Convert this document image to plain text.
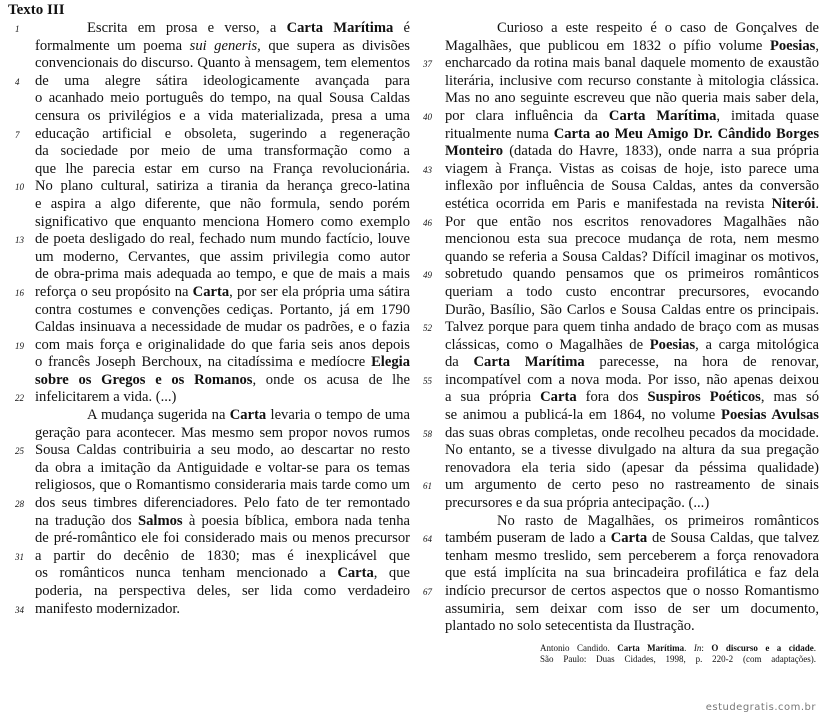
Texto III
1	Escrita em prosa e verso, a Carta Marítima é
formalmente um poema sui generis, que supera as divisões
convencionais do discurso. Quanto à mensagem, tem elementos
4 de uma alegre sátira ideologicamente avançada para
o acanhado meio português do tempo, na qual Sousa Caldas
censura os privilégios e a vida materializada, presa a uma
7 educação artificial e obsoleta, sugerindo a regeneração
da sociedade por meio de uma transformação como a
que lhe parecia estar em curso na França revolucionária.
10 No plano cultural, satiriza a tirania da herança greco-latina
e aspira a algo diferente, que não formula, sendo porém
significativo que enquanto menciona Homero como exemplo
13 de poeta desligado do real, fechado num mundo factício, louve
um moderno, Cervantes, que assim privilegia como autor
de obra-prima mais adequada ao tempo, e que de mais a mais
16 reforça o seu propósito na Carta, por ser ela própria uma sátira
contra costumes e convenções cediças. Portanto, já em 1790
Caldas insinuava a necessidade de mudar os padrões, e o fazia
19 com mais força e originalidade do que faria seis anos depois
o francês Joseph Berchoux, na citadíssima e medíocre Elegia
sobre os Gregos e os Romanos, onde os acusa de lhe
22 infelicitarem a vida. (...)
A mudança sugerida na Carta levaria o tempo de uma
geração para acontecer. Mas mesmo sem propor novos rumos
25 Sousa Caldas contribuiria a seu modo, ao descartar no resto
da obra a imitação da Antiguidade e voltar-se para os temas
religiosos, que o Romantismo consideraria mais tarde como um
28 dos seus timbres diferenciadores. Pelo fato de ter remontado
na tradução dos Salmos à poesia bíblica, embora nada tenha
de pré-romântico ele foi considerado mais ou menos precursor
31 a partir do decênio de 1830; mas é inexplicável que
os românticos nunca tenham mencionado a Carta, que
poderia, na perspectiva deles, ser lida como verdadeiro
34 manifesto modernizador.
Curioso a este respeito é o caso de Gonçalves de
Magalhães, que publicou em 1832 o pífio volume Poesias,
37 encharcado da rotina mais banal daquele momento de exaustão
literária, inclusive com recurso constante à mitologia clássica.
Mas no ano seguinte escreveu que não queria mais saber dela,
40 por clara influência da Carta Marítima, imitada quase
ritualmente numa Carta ao Meu Amigo Dr. Cândido Borges
Monteiro (datada do Havre, 1833), onde narra a sua própria
43 viagem à França. Vistas as coisas de hoje, isto parece uma
inflexão por influência de Sousa Caldas, antes da conversão
estética ocorrida em Paris e manifestada na revista Niterói.
46 Por que então nos escritos renovadores Magalhães não
mencionou esta sua precoce mudança de rota, nem mesmo
quando se referia a Sousa Caldas? Difícil imaginar os motivos,
49 sobretudo quando pensamos que os primeiros românticos
queriam a todo custo encontrar precursores, evocando
Durão, Basílio, São Carlos e Sousa Caldas entre os principais.
52 Talvez porque para quem tinha andado de braço com as musas
clássicas, como o Magalhães de Poesias, a carga mitológica
da Carta Marítima parecesse, na hora de renovar,
55 incompatível com a nova moda. Por isso, não apenas deixou
a sua própria Carta fora dos Suspiros Poéticos, mas só
se animou a publicá-la em 1864, no volume Poesias Avulsas
58 das suas obras completas, onde recolheu pecados da mocidade.
No entanto, se a tivesse divulgado na altura da sua pregação
renovadora ela teria sido (apesar da péssima qualidade)
61 um argumento de certo peso no rastreamento de sinais
precursores e da sua própria antecipação. (...)
No rasto de Magalhães, os primeiros românticos
64 também puseram de lado a Carta de Sousa Caldas, que talvez
tenham mesmo treslido, sem perceberem a força renovadora
que está implícita na sua brincadeira profilática e faz dela
67 indício precursor de certos aspectos que o nosso Romantismo
assumiria, sem deixar com isso de ser um documento,
plantado no solo setecentista da Ilustração.
Antonio Candido. Carta Marítima. In: O discurso e a cidade.
São Paulo: Duas Cidades, 1998, p. 220-2 (com adaptações).
estudegratis.com.br
